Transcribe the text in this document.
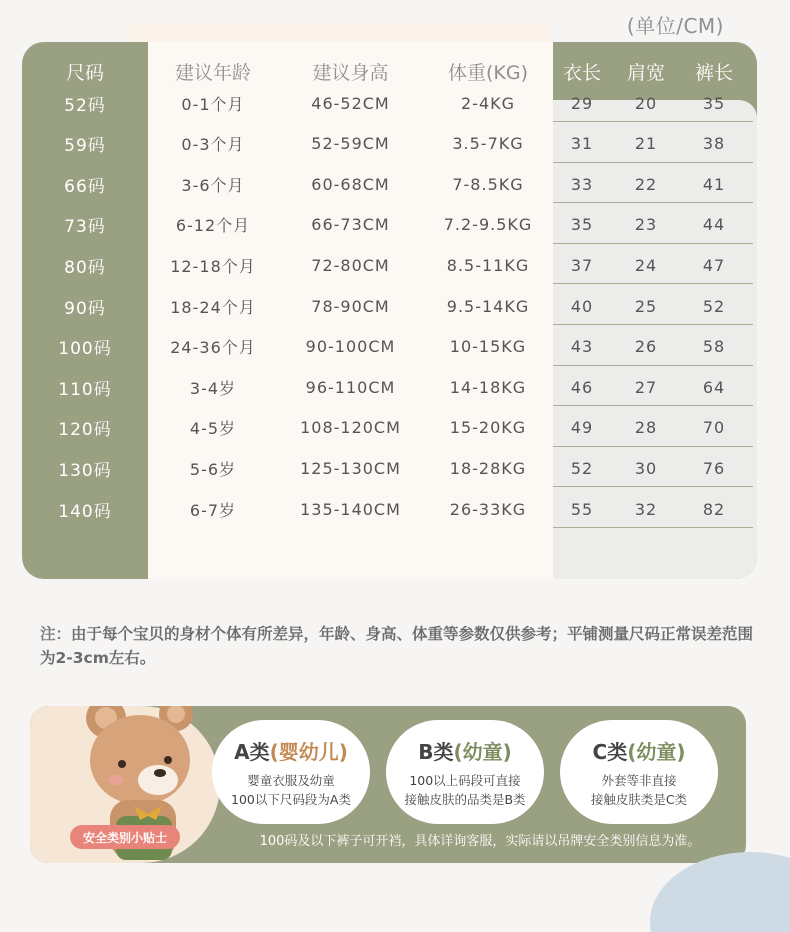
(单位/CM)
尺码	建议年龄	建议身高	体重(KG)	衣长	肩宽	裤长
52码	0-1个月	46-52CM	2-4KG	29	20	35
59码	0-3个月	52-59CM	3.5-7KG	31	21	38
66码	3-6个月	60-68CM	7-8.5KG	33	22	41
73码	6-12个月	66-73CM	7.2-9.5KG	35	23	44
80码	12-18个月	72-80CM	8.5-11KG	37	24	47
90码	18-24个月	78-90CM	9.5-14KG	40	25	52
100码	24-36个月	90-100CM	10-15KG	43	26	58
110码	3-4岁	96-110CM	14-18KG	46	27	64
120码	4-5岁	108-120CM	15-20KG	49	28	70
130码	5-6岁	125-130CM	18-28KG	52	30	76
140码	6-7岁	135-140CM	26-33KG	55	32	82
注：由于每个宝贝的身材个体有所差异，年龄、身高、体重等参数仅供参考；平铺测量尺码正常误差范围为2-3cm左右。
安全类别小贴士
A类(婴幼儿)
婴童衣服及幼童
100以下尺码段为A类
B类(幼童)
100以上码段可直接
接触皮肤的品类是B类
C类(幼童)
外套等非直接
接触皮肤类是C类
100码及以下裤子可开裆，具体详询客服，实际请以吊牌安全类别信息为准。
